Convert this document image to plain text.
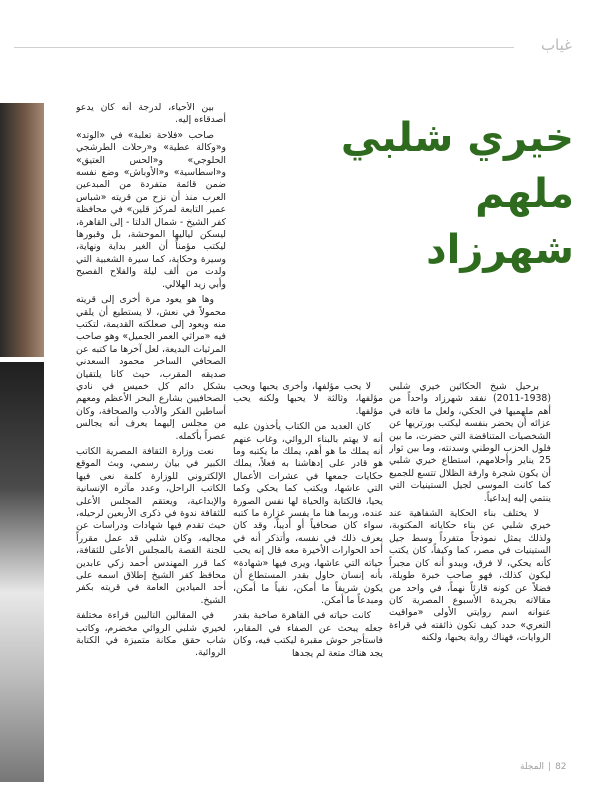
غياب
خيري شلبي
ملهم شهرزاد

بين الأحياء، لدرجة أنه كان يدعو أصدقاءه إليه.

صاحب «فلاحة تعلبة» في «الوتد» و«وكالة عطية» و«رحلات الطرشجي الحلوجي» و«الحس العتيق» و«اسطاسية» و«الأوباش» وضع نفسه ضمن قائمة متفردة من المبدعين العرب منذ أن نزح من قريته «شباس عمير التابعة لمركز قلين» في محافظة كفر الشيخ - شمال الدلتا - إلى القاهرة، ليسكن لياليها الموحشة، بل وقبورها ليكتب مؤمناً أن الغير بداية ونهاية، وسيرة وحكاية، كما سيرة الشعبية التي ولدت من ألف ليلة والفلاح الفصيح وأبي زيد الهلالي.

وها هو يعود مرة أخرى إلى قريته محمولاً في نعش، لا يستطيع أن يلقي منه ويعود إلى صعلكته القديمة، لتكتب فيه «مراثي العمر الجميل» وهو صاحب المرثيات البديعة، لعل آخرها ما كتبه عن الصحافي الساخر محمود السعدني صديقه المقرب، حيث كانا يلتقيان بشكل دائم كل خميس في نادي الصحافيين بشارع البحر الأعظم ومعهم أساطين الفكر والأدب والصحافة، وكان من مجلس إليهما يعرف أنه يجالس عصراً بأكمله.

نعت وزارة الثقافة المصرية الكاتب الكبير في بيان رسمي، وبث الموقع الإلكتروني للوزارة كلمة نعى فيها الكاتب الراحل، وعدد مآثره الإنسانية والإبداعية، ويعتقم المجلس الأعلى للثقافة ندوة في ذكرى الأربعين لرحيله، حيث تقدم فيها شهادات ودراسات عن مجاليه، وكان شلبي قد عمل مقرراً للجنة القصة بالمجلس الأعلى للثقافة، كما قرر المهندس أحمد زكي عابدين محافظ كفر الشيخ إطلاق اسمه على أحد الميادين العامة في قريته بكفر الشيخ.

في المقالين التاليين قراءة مختلفة لخيري شلبي الروائي مخضرم، وكاتب شاب حقق مكانة متميزة في الكتابة الروائية.

لا يحب مؤلفها، وأخرى يحبها ويحب مؤلفها، وثالثة لا يحبها ولكنه يحب مؤلفها.

كان العديد من الكتاب يأخذون عليه أنه لا يهتم بالبناء الروائي، وغاب عنهم أنه يملك ما هو أهم، يملك ما يكتبه وما هو قادر على إدهاشنا به فعلاً، يملك حكايات جمعها في عشرات الأعمال التي عاشها، ويكتب كما يحكي وكما يحيا، فالكتابة والحياة لها نفس الصورة عنده، وربما هنا ما يفسر غزارة ما كتبه سواء كان صحافياً أو أديباً، وقد كان يعرف ذلك في نفسه، وأتذكر أنه في أحد الحوارات الأخيرة معه قال إنه يحب حياته التي عاشها، ويرى فيها «شهادة» بأنه إنسان حاول بقدر المستطاع أن يكون شريفاً ما أمكن، نقياً ما أمكن، ومبدعاً ما أمكن.

كانت حياته في القاهرة صاخبة بقدر جعله يبحث عن الصفاء في المقابر، فاستأجر حوش مقبرة ليكتب فيه، وكان يجد هناك متعة لم يجدها

برحيل شيخ الحكائين خيري شلبي (1938-2011) نفقد شهرزاد واحداً من أهم ملهميها في الحكي، ولعل ما فاته في عزائه أن يحضر بنفسه ليكتب بورتريها عن الشخصيات المتناقضة التي حضرت، ما بين فلول الحزب الوطني وسدنته، وما بين ثوار 25 يناير وأحلامهم، استطاع خيري شلبي أن يكون شجرة وارفة الظلال تتسع للجميع كما كانت الموسى لجيل الستينيات التي ينتمي إليه إبداعياً.

لا يختلف بناء الحكاية الشفاهية عند خيري شلبي عن بناء حكاياته المكتوبة، ولذلك يمثل نموذجاً متفرداً وسط جيل الستينيات في مصر، كما وكيفاً، كان يكتب كأنه يحكي، لا فرق، ويبدو أنه كان مجبراً ليكون كذلك، فهو صاحب خبرة طويلة، فضلاً عن كونه قارئاً نهماً، في واحد من مقالاته بجريدة الأسبوع المصرية كان عنوانه اسم روايتي الأولى «مواقيت التعري» حدد كيف تكون ذائقته في قراءة الروايات، فهناك رواية يحبها، ولكنه

82المجلة
